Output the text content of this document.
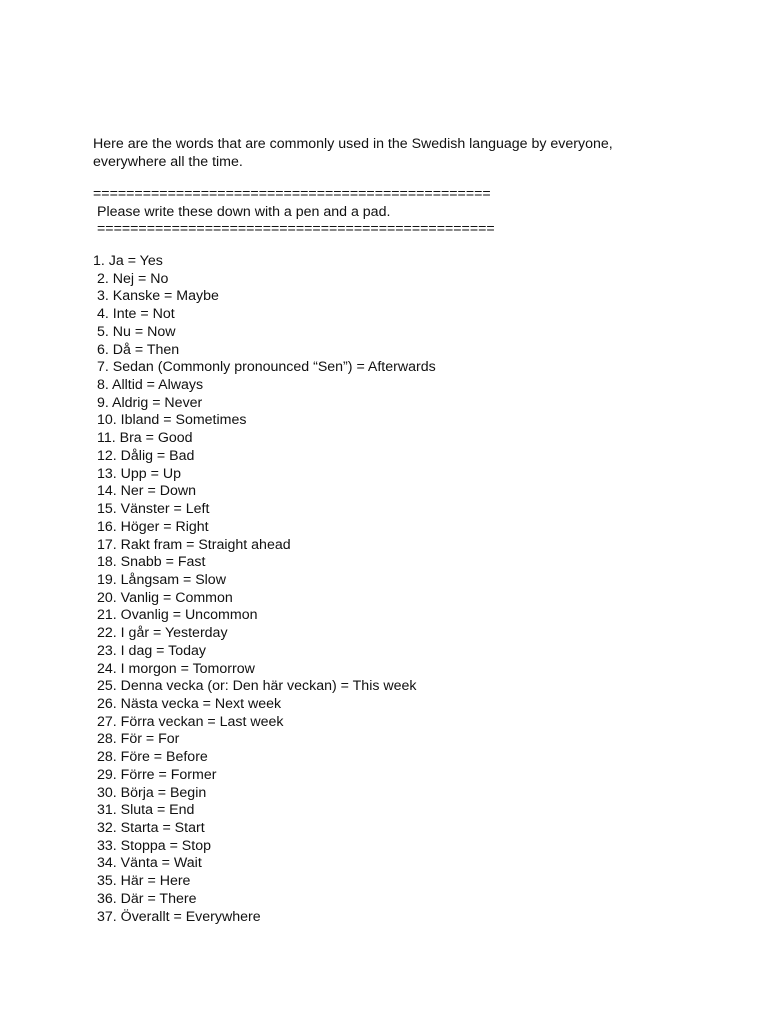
Here are the words that are commonly used in the Swedish language by everyone, everywhere all the time.

================================================
Please write these down with a pen and a pad.
================================================
1. Ja = Yes
2. Nej = No
3. Kanske = Maybe
4. Inte = Not
5. Nu = Now
6. Då = Then
7. Sedan (Commonly pronounced “Sen”) = Afterwards
8. Alltid = Always
9. Aldrig = Never
10. Ibland = Sometimes
11. Bra = Good
12. Dålig = Bad
13. Upp = Up
14. Ner = Down
15. Vänster = Left
16. Höger = Right
17. Rakt fram = Straight ahead
18. Snabb = Fast
19. Långsam = Slow
20. Vanlig = Common
21. Ovanlig = Uncommon
22. I går = Yesterday
23. I dag = Today
24. I morgon = Tomorrow
25. Denna vecka (or: Den här veckan) = This week
26. Nästa vecka = Next week
27. Förra veckan = Last week
28. För = For
28. Före = Before
29. Förre = Former
30. Börja = Begin
31. Sluta = End
32. Starta = Start
33. Stoppa = Stop
34. Vänta = Wait
35. Här = Here
36. Där = There
37. Överallt = Everywhere
